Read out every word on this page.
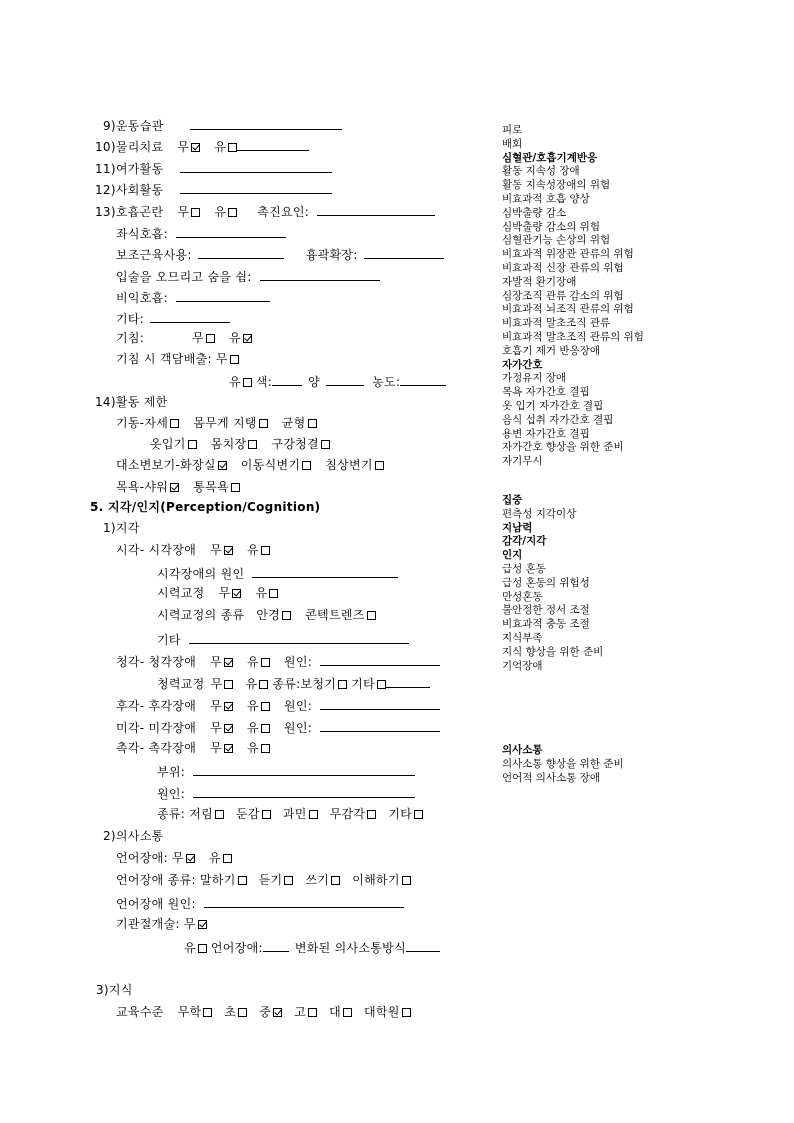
9)운동습관
10)물리치료 무 유
11)여가활동
12)사회활동
13)호흡곤란 무 유	촉진요인:
좌식호흡:
보조근육사용:	흉곽확장:
입술을 오므리고 숨을 쉼:
비익호흡:
기타:
기침:	무 유
기침 시 객담배출: 무
유 색:	양	농도:
14)활동 제한
기동-자세 몸무게 지탱 균형
옷입기 몸치장 구강청결
대소변보기-화장실 이동식변기 침상변기
목욕-샤워 통목욕
5. 지각/인지(Perception/Cognition)
1)지각
시각- 시각장애 무 유
시각장애의 원인
시력교정 무 유
시력교정의 종류 안경 콘텍트렌즈
기타
청각- 청각장애 무 유 원인:
청력교정 무 유 종류:보청기 기타
후각- 후각장애 무 유 원인:
미각- 미각장애 무 유 원인:
촉각- 촉각장애 무 유
부위:
원인:
종류: 저림 둔감 과민 무감각 기타
2)의사소통
언어장애: 무 유
언어장애 종류: 말하기 듣기 쓰기 이해하기
언어장애 원인:
기관절개술: 무
유 언어장애:	변화된 의사소통방식
3)지식
교육수준 무학 초 중 고 대 대학원
피로
배회
심혈관/호흡기계반응
활동 지속성 장애
활동 지속성장애의 위험
비효과적 호흡 양상
심박출량 감소
심박출량 감소의 위험
심혈관기능 손상의 위험
비효과적 위장관 관류의 위험
비효과적 신장 관류의 위험
자발적 환기장애
심장조직 관류 감소의 위험
비효과적 뇌조직 관류의 위험
비효과적 말초조직 관류
비효과적 말초조직 관류의 위험
호흡기 제거 반응장애
자가간호
가정유지 장애
목욕 자가간호 결핍
옷 입기 자가간호 결핍
음식 섭취 자가간호 결핍
용변 자가간호 결핍
자가간호 향상을 위한 준비
자기무시
집중
편측성 지각이상
지남력
감각/지각
인지
급성 혼동
급성 혼동의 위험성
만성혼동
불안정한 정서 조절
비효과적 충동 조절
지식부족
지식 향상을 위한 준비
기억장애
의사소통
의사소통 향상을 위한 준비
언어적 의사소통 장애
